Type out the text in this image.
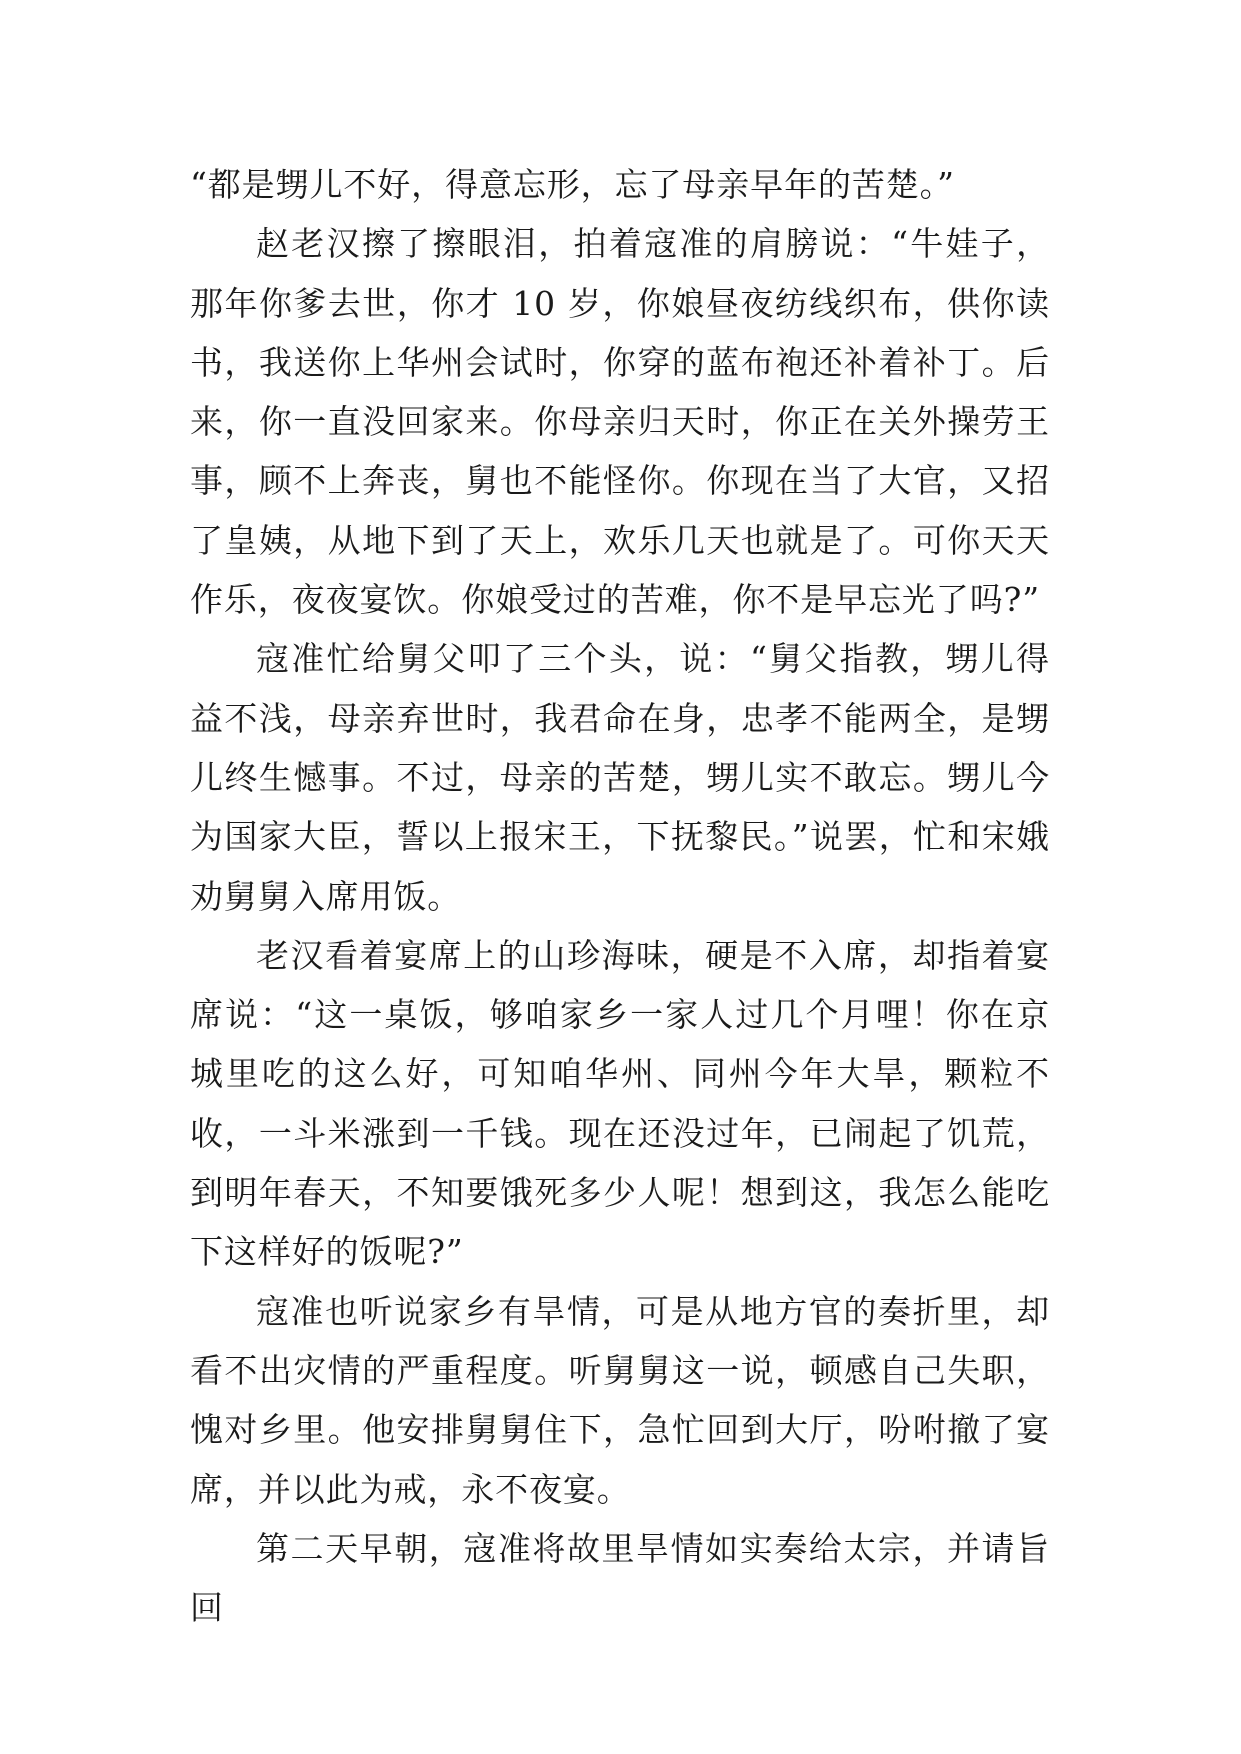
“都是甥儿不好，得意忘形，忘了母亲早年的苦楚。”

赵老汉擦了擦眼泪，拍着寇准的肩膀说：“牛娃子，那年你爹去世，你才 10 岁，你娘昼夜纺线织布，供你读书，我送你上华州会试时，你穿的蓝布袍还补着补丁。后来，你一直没回家来。你母亲归天时，你正在关外操劳王事，顾不上奔丧，舅也不能怪你。你现在当了大官，又招了皇姨，从地下到了天上，欢乐几天也就是了。可你天天作乐，夜夜宴饮。你娘受过的苦难，你不是早忘光了吗?”

寇准忙给舅父叩了三个头，说：“舅父指教，甥儿得益不浅，母亲弃世时，我君命在身，忠孝不能两全，是甥儿终生憾事。不过，母亲的苦楚，甥儿实不敢忘。甥儿今为国家大臣，誓以上报宋王，下抚黎民。”说罢，忙和宋娥劝舅舅入席用饭。

老汉看着宴席上的山珍海味，硬是不入席，却指着宴席说：“这一桌饭，够咱家乡一家人过几个月哩！你在京城里吃的这么好，可知咱华州、同州今年大旱，颗粒不收，一斗米涨到一千钱。现在还没过年，已闹起了饥荒，到明年春天，不知要饿死多少人呢！想到这，我怎么能吃下这样好的饭呢?”

寇准也听说家乡有旱情，可是从地方官的奏折里，却看不出灾情的严重程度。听舅舅这一说，顿感自己失职，愧对乡里。他安排舅舅住下，急忙回到大厅，吩咐撤了宴席，并以此为戒，永不夜宴。

第二天早朝，寇准将故里旱情如实奏给太宗，并请旨回
